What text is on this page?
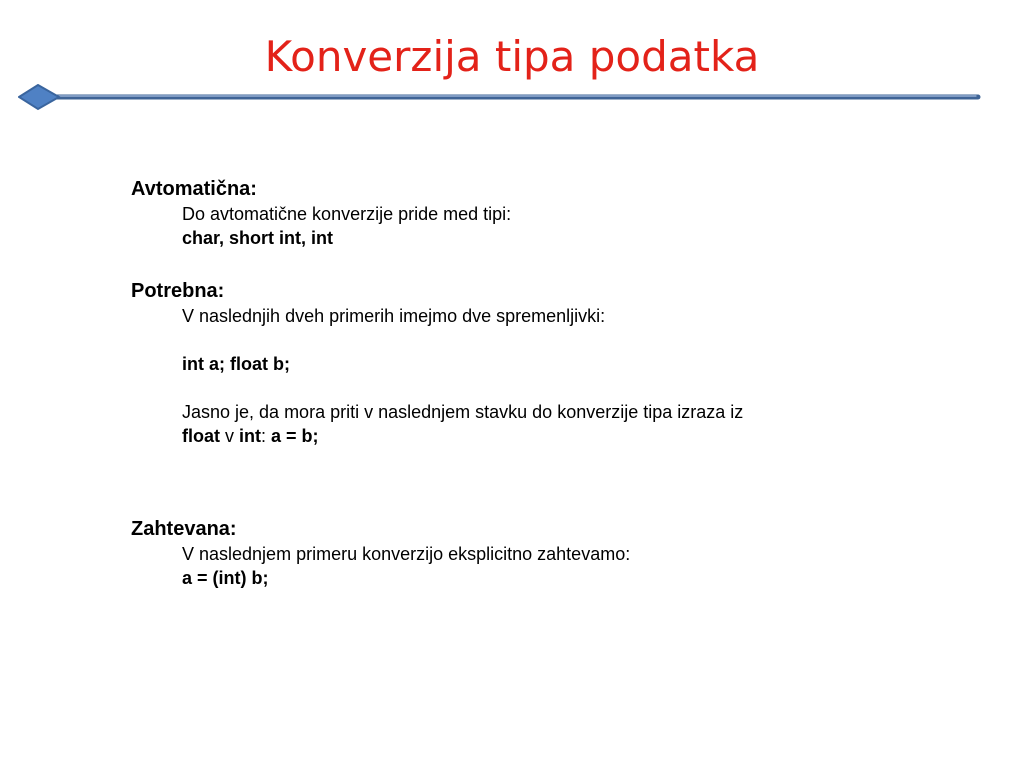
Konverzija tipa podatka
Avtomatična:
Do avtomatične konverzije pride med tipi:
char, short int, int
Potrebna:
V naslednjih dveh primerih imejmo dve spremenljivki:
int a; float b;
Jasno je, da mora priti v naslednjem stavku do konverzije tipa izraza iz
float v int: a = b;
Zahtevana:
V naslednjem primeru konverzijo eksplicitno zahtevamo:
a = (int) b;
